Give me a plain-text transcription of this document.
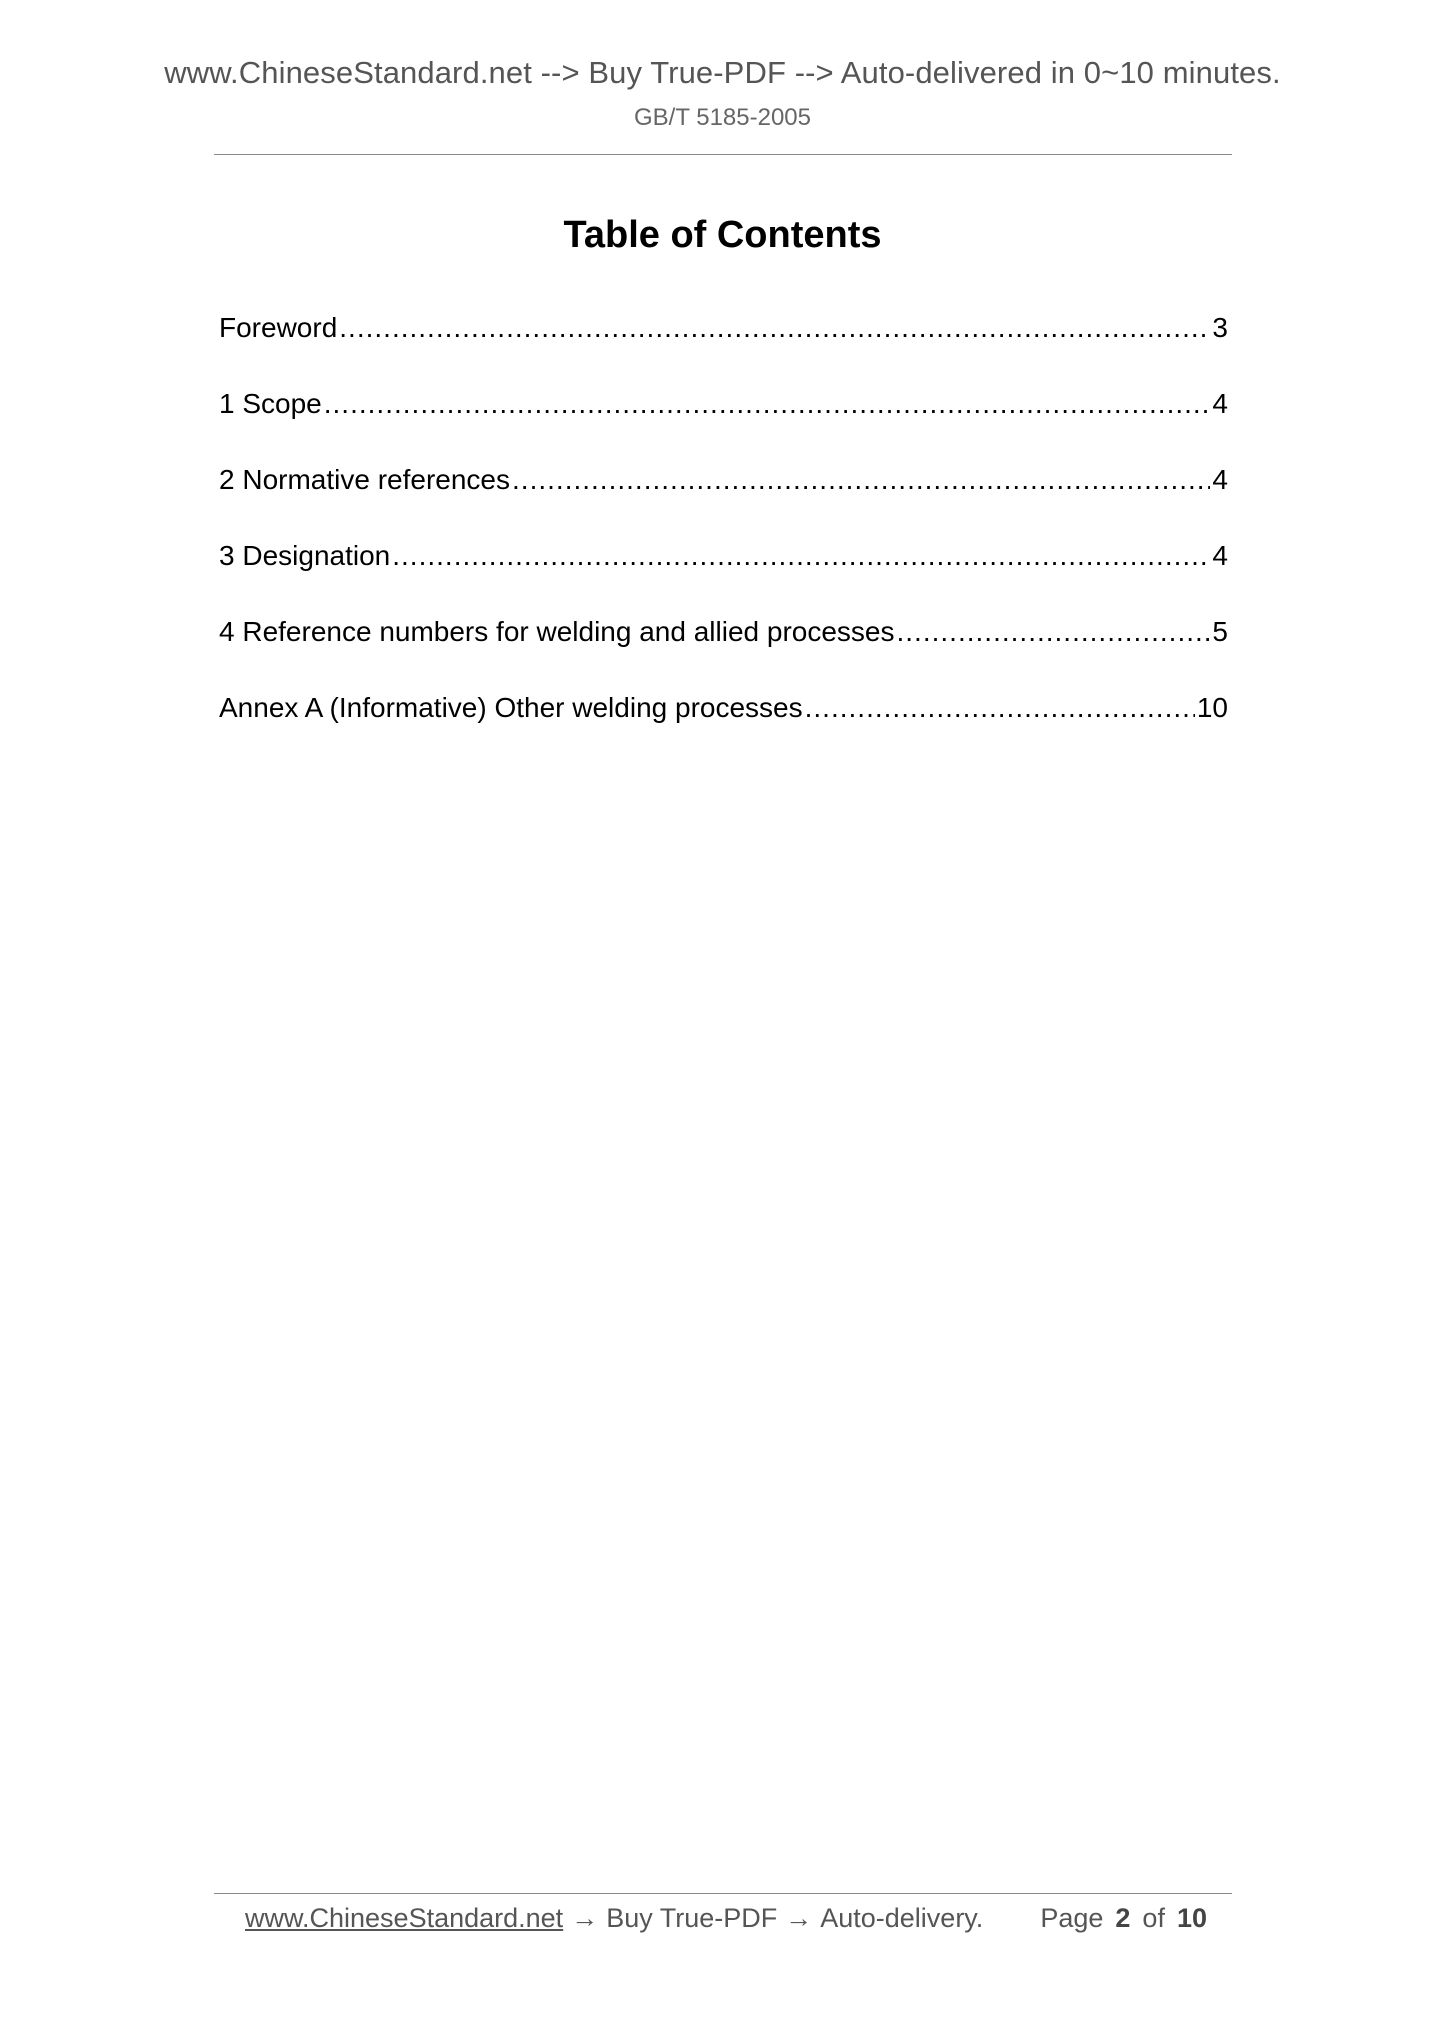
www.ChineseStandard.net --> Buy True-PDF --> Auto-delivered in 0~10 minutes.
GB/T 5185-2005
Table of Contents
Foreword .....	3
1 Scope .....	4
2 Normative references .....	4
3 Designation .....	4
4 Reference numbers for welding and allied processes .....	5
Annex A (Informative) Other welding processes .....	10
www.ChineseStandard.net → Buy True-PDF → Auto-delivery. Page 2 of 10
